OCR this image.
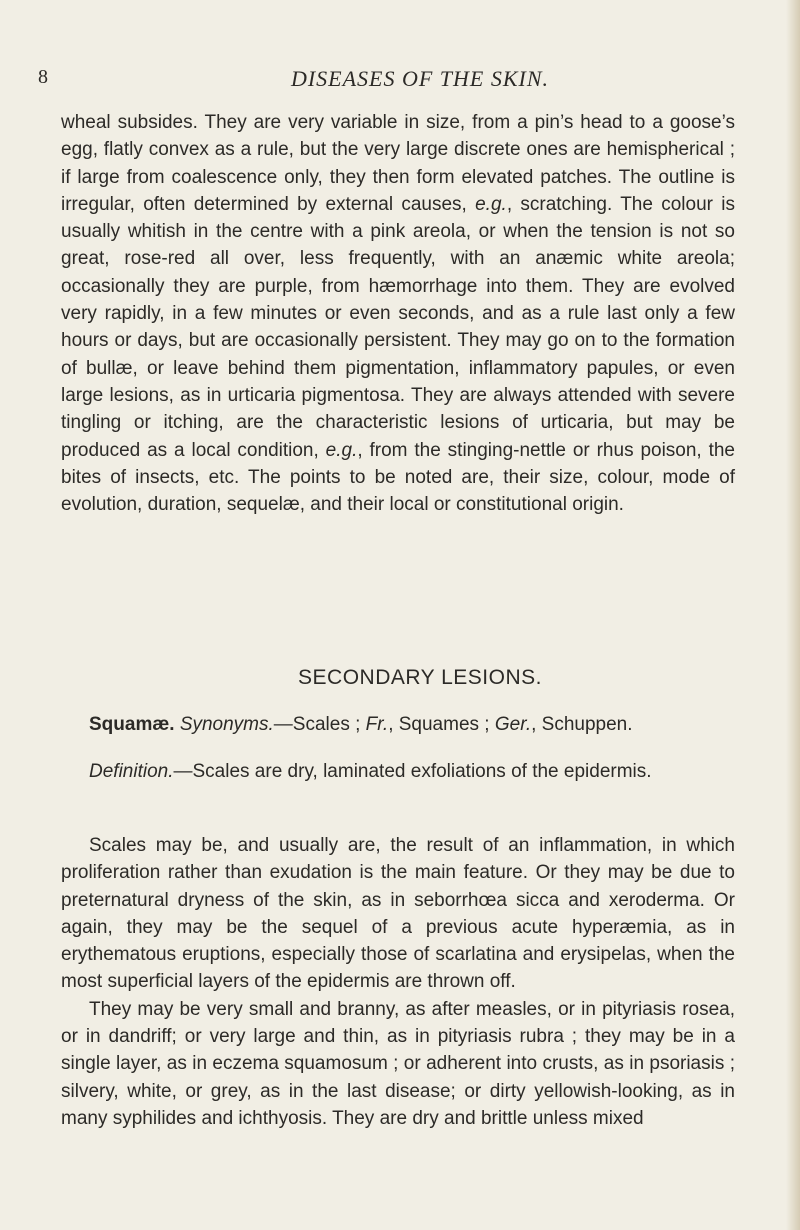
8	DISEASES OF THE SKIN.
wheal subsides. They are very variable in size, from a pin’s head to a goose’s egg, flatly convex as a rule, but the very large discrete ones are hemispherical ; if large from coalescence only, they then form elevated patches. The outline is irregular, often determined by external causes, e.g., scratching. The colour is usually whitish in the centre with a pink areola, or when the tension is not so great, rose-red all over, less frequently, with an anæmic white areola; occasionally they are purple, from hæmorrhage into them. They are evolved very rapidly, in a few minutes or even seconds, and as a rule last only a few hours or days, but are occasionally persistent. They may go on to the formation of bullæ, or leave behind them pigmentation, inflammatory papules, or even large lesions, as in urticaria pigmentosa. They are always attended with severe tingling or itching, are the characteristic lesions of urticaria, but may be produced as a local condition, e.g., from the stinging-nettle or rhus poison, the bites of insects, etc. The points to be noted are, their size, colour, mode of evolution, duration, sequelæ, and their local or constitutional origin.
SECONDARY LESIONS.
Squamæ. Synonyms.—Scales ; Fr., Squames ; Ger., Schuppen.
Definition.—Scales are dry, laminated exfoliations of the epidermis.
Scales may be, and usually are, the result of an inflammation, in which proliferation rather than exudation is the main feature. Or they may be due to preternatural dryness of the skin, as in seborrhœa sicca and xeroderma. Or again, they may be the sequel of a previous acute hyperæmia, as in erythematous eruptions, especially those of scarlatina and erysipelas, when the most superficial layers of the epidermis are thrown off.
They may be very small and branny, as after measles, or in pityriasis rosea, or in dandriff; or very large and thin, as in pityriasis rubra ; they may be in a single layer, as in eczema squamosum ; or adherent into crusts, as in psoriasis ; silvery, white, or grey, as in the last disease; or dirty yellowish-looking, as in many syphilides and ichthyosis. They are dry and brittle unless mixed
